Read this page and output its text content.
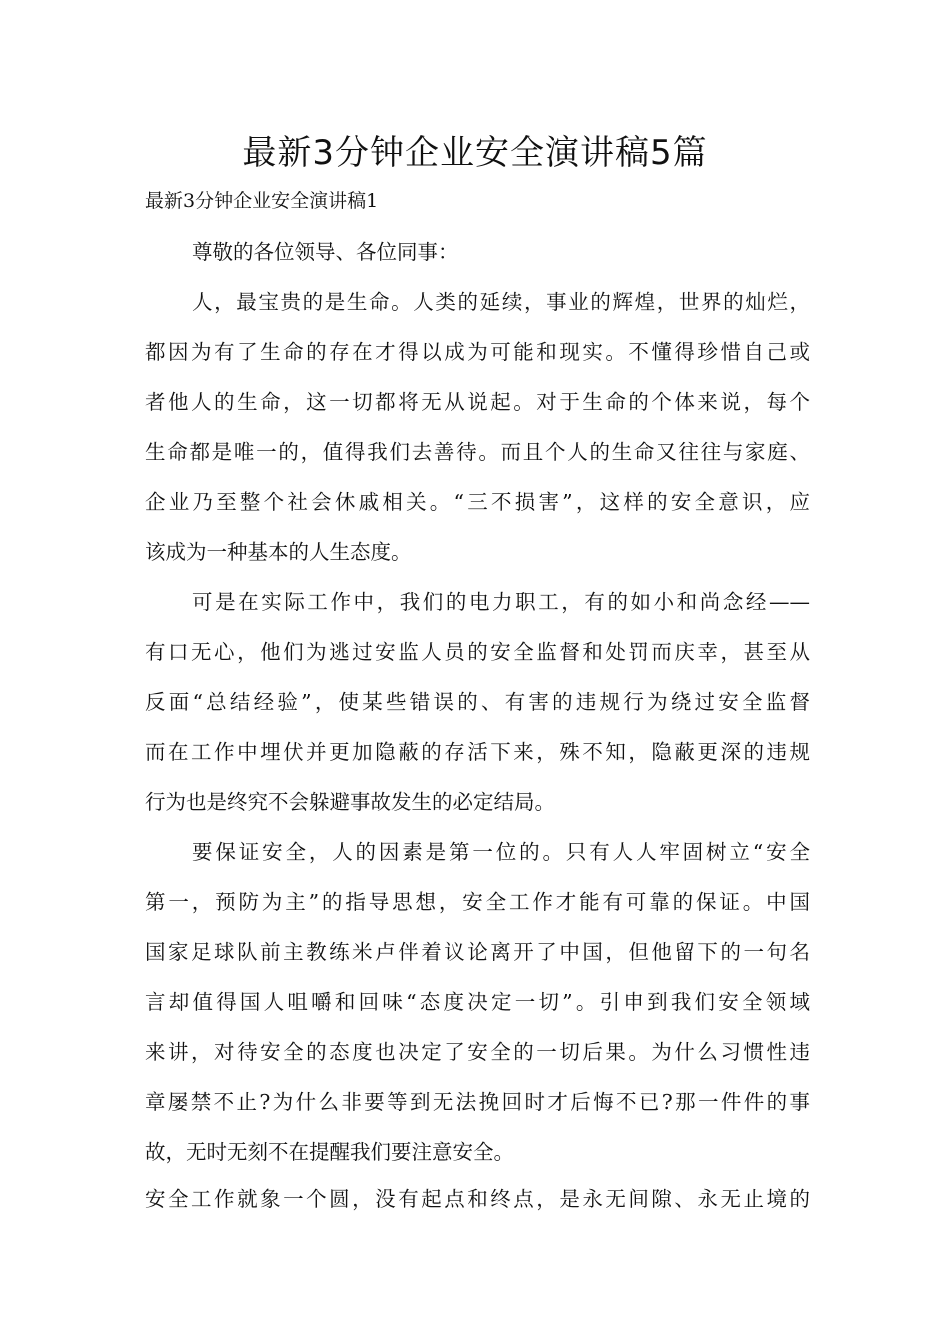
最新3分钟企业安全演讲稿5篇

最新3分钟企业安全演讲稿1

尊敬的各位领导、各位同事：

人，最宝贵的是生命。人类的延续，事业的辉煌，世界的灿烂，

都因为有了生命的存在才得以成为可能和现实。不懂得珍惜自己或

者他人的生命，这一切都将无从说起。对于生命的个体来说，每个

生命都是唯一的，值得我们去善待。而且个人的生命又往往与家庭、

企业乃至整个社会休戚相关。“三不损害”，这样的安全意识，应

该成为一种基本的人生态度。

可是在实际工作中，我们的电力职工，有的如小和尚念经——

有口无心，他们为逃过安监人员的安全监督和处罚而庆幸，甚至从

反面“总结经验”，使某些错误的、有害的违规行为绕过安全监督

而在工作中埋伏并更加隐蔽的存活下来，殊不知，隐蔽更深的违规

行为也是终究不会躲避事故发生的必定结局。

要保证安全，人的因素是第一位的。只有人人牢固树立“安全

第一，预防为主”的指导思想，安全工作才能有可靠的保证。中国

国家足球队前主教练米卢伴着议论离开了中国，但他留下的一句名

言却值得国人咀嚼和回味“态度决定一切”。引申到我们安全领域

来讲，对待安全的态度也决定了安全的一切后果。为什么习惯性违

章屡禁不止?为什么非要等到无法挽回时才后悔不已?那一件件的事

故，无时无刻不在提醒我们要注意安全。

安全工作就象一个圆，没有起点和终点，是永无间隙、永无止境的
